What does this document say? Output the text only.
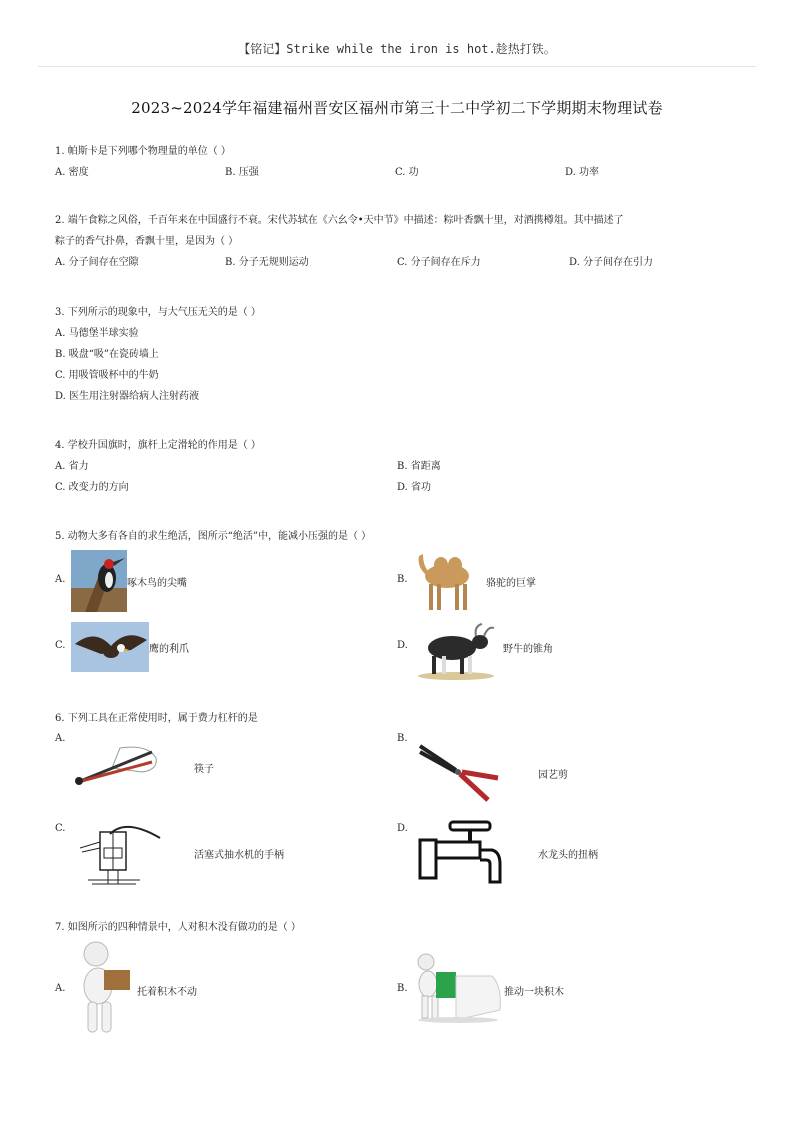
【铭记】Strike while the iron is hot.趁热打铁。
2023~2024学年福建福州晋安区福州市第三十二中学初二下学期期末物理试卷
1. 帕斯卡是下列哪个物理量的单位（ ）
A. 密度	B. 压强	C. 功	D. 功率
2. 端午食粽之风俗，千百年来在中国盛行不衰。宋代苏轼在《六幺令•天中节》中描述：粽叶香飘十里，对酒携樽俎。其中描述了
粽子的香气扑鼻，香飘十里，是因为（ ）
A. 分子间存在空隙	B. 分子无规则运动	C. 分子间存在斥力	D. 分子间存在引力
3. 下列所示的现象中，与大气压无关的是（ ）
A. 马德堡半球实验
B. 吸盘“吸”在瓷砖墙上
C. 用吸管吸杯中的牛奶
D. 医生用注射器给病人注射药液
4. 学校升国旗时，旗杆上定滑轮的作用是（ ）
A. 省力	B. 省距离
C. 改变力的方向	D. 省功
5. 动物大多有各自的求生绝活，图所示“绝活”中，能减小压强的是（ ）
A.	啄木鸟的尖嘴	B.	骆驼的巨掌
C.	鹰的利爪	D.	野牛的锥角
6. 下列工具在正常使用时，属于费力杠杆的是
A.
筷子
B.
园艺剪
C.
活塞式抽水机的手柄
D.
水龙头的扭柄
7. 如图所示的四种情景中，人对积木没有做功的是（ ）
A.	托着积木不动	B.	推动一块积木
